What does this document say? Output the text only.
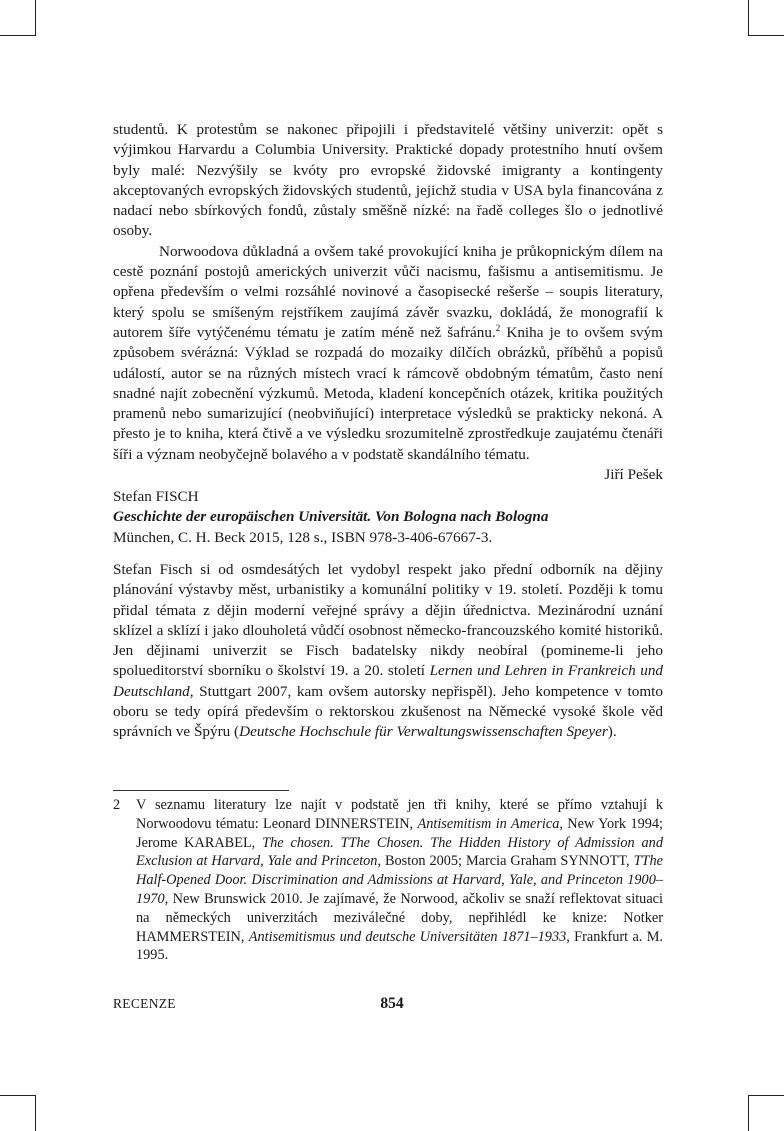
studentů. K protestům se nakonec připojili i představitelé většiny univerzit: opět s výjimkou Harvardu a Columbia University. Praktické dopady protestního hnutí ovšem byly malé: Nezvýšily se kvóty pro evropské židovské imigranty a kontingenty akceptovaných evropských židovských studentů, jejichž studia v USA byla financována z nadací nebo sbírkových fondů, zůstaly směšně nízké: na řadě colleges šlo o jednotlivé osoby.

Norwoodova důkladná a ovšem také provokující kniha je průkopnickým dílem na cestě poznání postojů amerických univerzit vůči nacismu, fašismu a antisemitismu. Je opřena především o velmi rozsáhlé novinové a časopisecké rešerše – soupis literatury, který spolu se smíšeným rejstříkem zaujímá závěr svazku, dokládá, že monografií k autorem šíře vytýčenému tématu je zatím méně než šafránu.$^2$ Kniha je to ovšem svým způsobem svérázná: Výklad se rozpadá do mozaiky dílčích obrázků, příběhů a popisů událostí, autor se na různých místech vrací k rámcově obdobným tématům, často není snadné najít zobecnění výzkumů. Metoda, kladení koncepčních otázek, kritika použitých pramenů nebo sumarizující (neobviňující) interpretace výsledků se prakticky nekoná. A přesto je to kniha, která čtivě a ve výsledku srozumitelně zprostředkuje zaujatému čtenáři šíři a význam neobyčejně bolavého a v podstatě skandálního tématu.

Jiří Pešek

Stefan FISCH
Geschichte der europäischen Universität. Von Bologna nach Bologna
München, C. H. Beck 2015, 128 s., ISBN 978-3-406-67667-3.

Stefan Fisch si od osmdesátých let vydobyl respekt jako přední odborník na dějiny plánování výstavby měst, urbanistiky a komunální politiky v 19. století. Později k tomu přidal témata z dějin moderní veřejné správy a dějin úřednictva. Mezinárodní uznání sklízel a sklízí i jako dlouholetá vůdčí osobnost německo-francouzského komité historiků. Jen dějinami univerzit se Fisch badatelsky nikdy neobíral (pomineme-li jeho spolueditorství sborníku o školství 19. a 20. století Lernen und Lehren in Frankreich und Deutschland, Stuttgart 2007, kam ovšem autorsky nepřispěl). Jeho kompetence v tomto oboru se tedy opírá především o rektorskou zkušenost na Německé vysoké škole věd správních ve Špýru (Deutsche Hochschule für Verwaltungswissenschaften Speyer).

2 V seznamu literatury lze najít v podstatě jen tři knihy, které se přímo vztahují k Norwoodovu tématu: Leonard DINNERSTEIN, Antisemitism in America, New York 1994; Jerome KARABEL, The chosen. TThe Chosen. The Hidden History of Admission and Exclusion at Harvard, Yale and Princeton, Boston 2005; Marcia Graham SYNNOTT, TThe Half-Opened Door. Discrimination and Admissions at Harvard, Yale, and Princeton 1900–1970, New Brunswick 2010. Je zajímavé, že Norwood, ačkoliv se snaží reflektovat situaci na německých univerzitách meziválečné doby, nepřihlédl ke knize: Notker HAMMERSTEIN, Antisemitismus und deutsche Universitäten 1871–1933, Frankfurt a. M. 1995.

RECENZE	854
